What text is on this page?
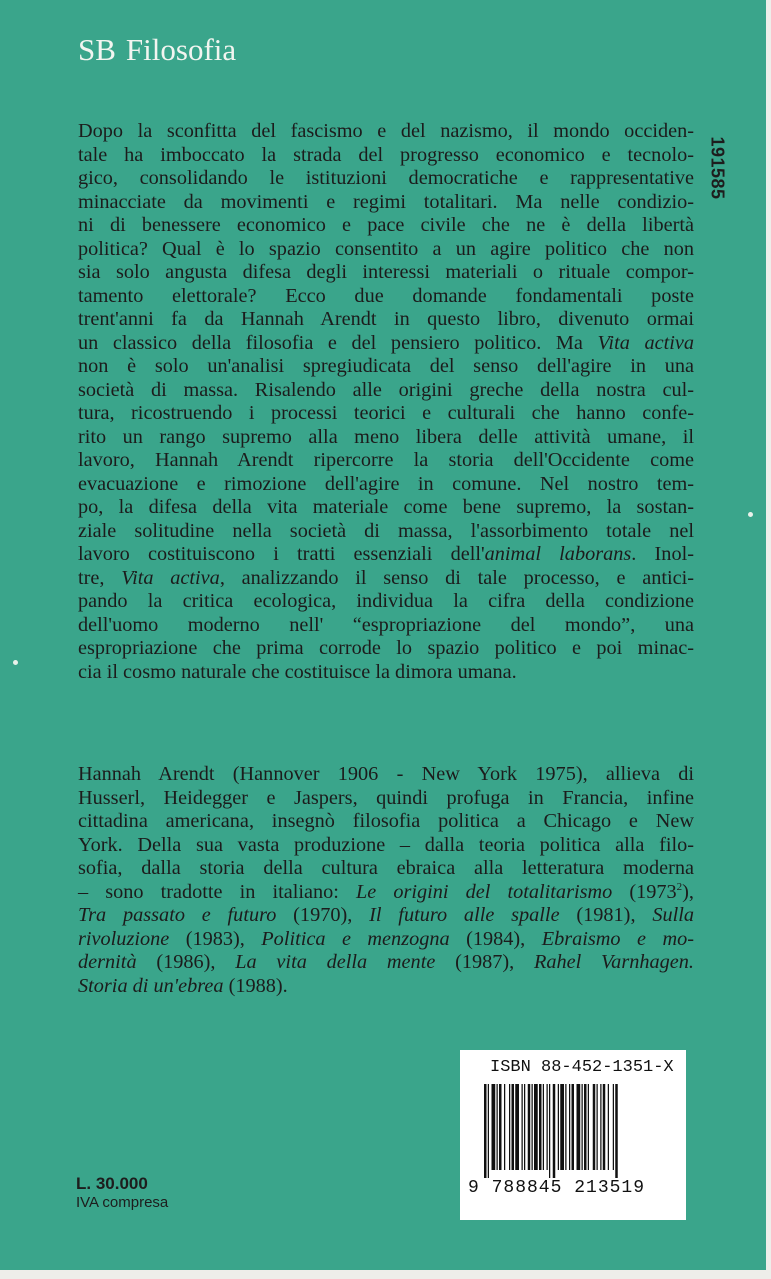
SB Filosofia
191585
Dopo la sconfitta del fascismo e del nazismo, il mondo occiden-
tale ha imboccato la strada del progresso economico e tecnolo-
gico, consolidando le istituzioni democratiche e rappresentative
minacciate da movimenti e regimi totalitari. Ma nelle condizio-
ni di benessere economico e pace civile che ne è della libertà
politica? Qual è lo spazio consentito a un agire politico che non
sia solo angusta difesa degli interessi materiali o rituale compor-
tamento elettorale? Ecco due domande fondamentali poste
trent'anni fa da Hannah Arendt in questo libro, divenuto ormai
un classico della filosofia e del pensiero politico. Ma Vita activa
non è solo un'analisi spregiudicata del senso dell'agire in una
società di massa. Risalendo alle origini greche della nostra cul-
tura, ricostruendo i processi teorici e culturali che hanno confe-
rito un rango supremo alla meno libera delle attività umane, il
lavoro, Hannah Arendt ripercorre la storia dell'Occidente come
evacuazione e rimozione dell'agire in comune. Nel nostro tem-
po, la difesa della vita materiale come bene supremo, la sostan-
ziale solitudine nella società di massa, l'assorbimento totale nel
lavoro costituiscono i tratti essenziali dell'animal laborans. Inol-
tre, Vita activa, analizzando il senso di tale processo, e antici-
pando la critica ecologica, individua la cifra della condizione
dell'uomo moderno nell' “espropriazione del mondo”, una
espropriazione che prima corrode lo spazio politico e poi minac-
cia il cosmo naturale che costituisce la dimora umana.
Hannah Arendt (Hannover 1906 - New York 1975), allieva di
Husserl, Heidegger e Jaspers, quindi profuga in Francia, infine
cittadina americana, insegnò filosofia politica a Chicago e New
York. Della sua vasta produzione – dalla teoria politica alla filo-
sofia, dalla storia della cultura ebraica alla letteratura moderna
– sono tradotte in italiano: Le origini del totalitarismo (1973$^2$),
Tra passato e futuro (1970), Il futuro alle spalle (1981), Sulla
rivoluzione (1983), Politica e menzogna (1984), Ebraismo e mo-
dernità (1986), La vita della mente (1987), Rahel Varnhagen.
Storia di un'ebrea (1988).
L. 30.000
IVA compresa
ISBN 88-452-1351-X
9 788845 213519
